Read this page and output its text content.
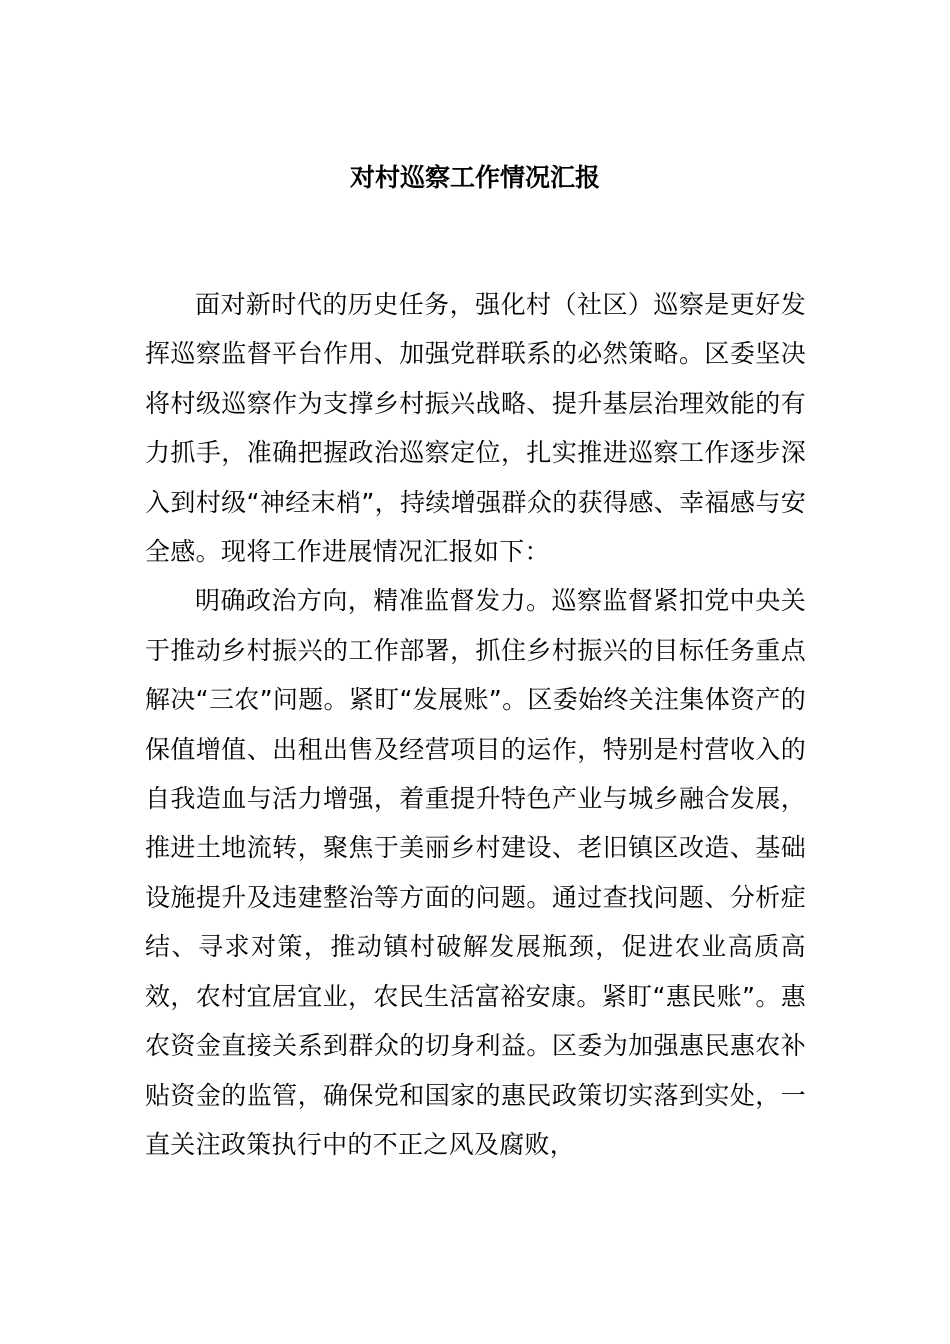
对村巡察工作情况汇报

面对新时代的历史任务，强化村（社区）巡察是更好发挥巡察监督平台作用、加强党群联系的必然策略。区委坚决将村级巡察作为支撑乡村振兴战略、提升基层治理效能的有力抓手，准确把握政治巡察定位，扎实推进巡察工作逐步深入到村级“神经末梢”，持续增强群众的获得感、幸福感与安全感。现将工作进展情况汇报如下：

明确政治方向，精准监督发力。巡察监督紧扣党中央关于推动乡村振兴的工作部署，抓住乡村振兴的目标任务重点解决“三农”问题。紧盯“发展账”。区委始终关注集体资产的保值增值、出租出售及经营项目的运作，特别是村营收入的自我造血与活力增强，着重提升特色产业与城乡融合发展，推进土地流转，聚焦于美丽乡村建设、老旧镇区改造、基础设施提升及违建整治等方面的问题。通过查找问题、分析症结、寻求对策，推动镇村破解发展瓶颈，促进农业高质高效，农村宜居宜业，农民生活富裕安康。紧盯“惠民账”。惠农资金直接关系到群众的切身利益。区委为加强惠民惠农补贴资金的监管，确保党和国家的惠民政策切实落到实处，一直关注政策执行中的不正之风及腐败，
